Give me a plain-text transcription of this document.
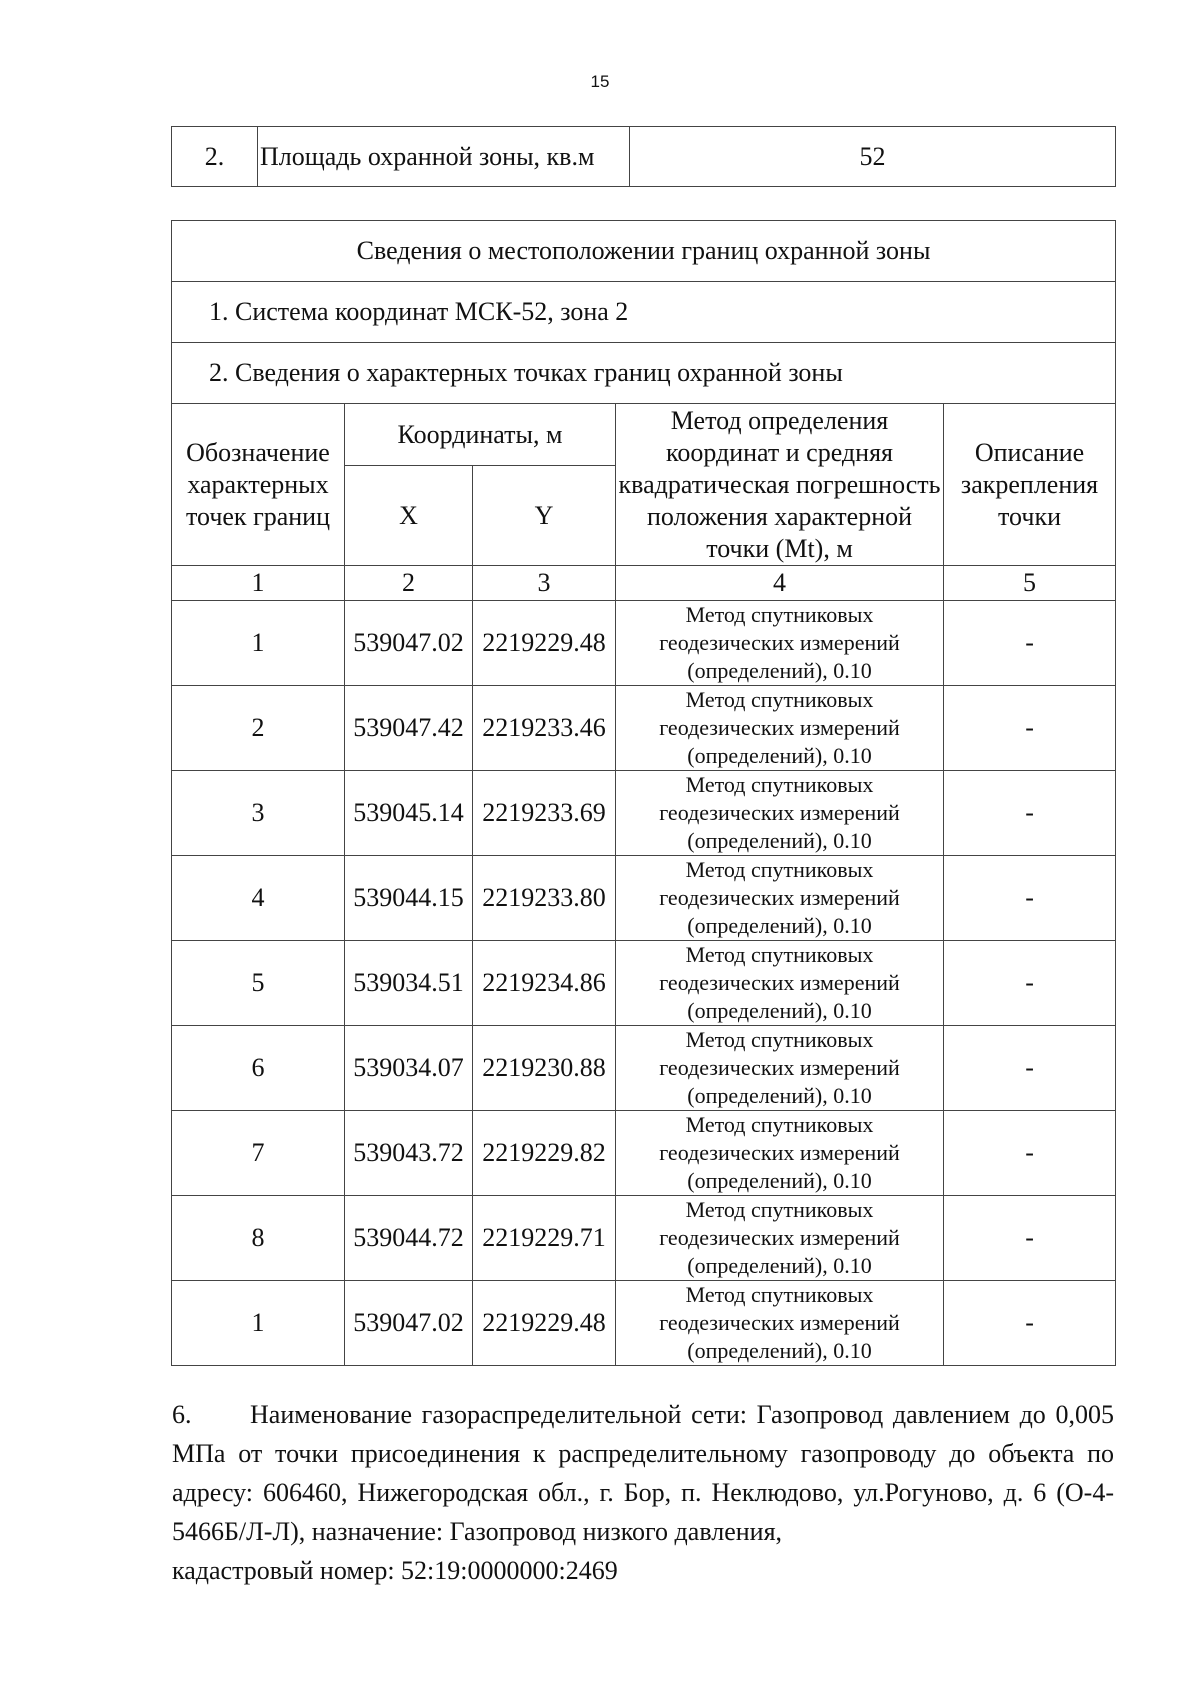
15
2.	Площадь охранной зоны, кв.м	52
Сведения о местоположении границ охранной зоны				
1. Система координат МСК-52, зона 2				
2. Сведения о характерных точках границ охранной зоны				
Обозначение характерных точек границ	Координаты, м		Метод определения координат и средняя квадратическая погрешность положения характерной точки (Mt), м	Описание закрепления точки
	X	Y		
1	2	3	4	5
1	539047.02	2219229.48	Метод спутниковых геодезических измерений (определений), 0.10	-
2	539047.42	2219233.46	Метод спутниковых геодезических измерений (определений), 0.10	-
3	539045.14	2219233.69	Метод спутниковых геодезических измерений (определений), 0.10	-
4	539044.15	2219233.80	Метод спутниковых геодезических измерений (определений), 0.10	-
5	539034.51	2219234.86	Метод спутниковых геодезических измерений (определений), 0.10	-
6	539034.07	2219230.88	Метод спутниковых геодезических измерений (определений), 0.10	-
7	539043.72	2219229.82	Метод спутниковых геодезических измерений (определений), 0.10	-
8	539044.72	2219229.71	Метод спутниковых геодезических измерений (определений), 0.10	-
1	539047.02	2219229.48	Метод спутниковых геодезических измерений (определений), 0.10	-
6. Наименование газораспределительной сети: Газопровод давлением до 0,005 МПа от точки присоединения к распределительному газопроводу до объекта по адресу: 606460, Нижегородская обл., г. Бор, п. Неклюдово, ул.Рогуново, д. 6 (О-4-5466Б/Л-Л), назначение: Газопровод низкого давления,
кадастровый номер: 52:19:0000000:2469
